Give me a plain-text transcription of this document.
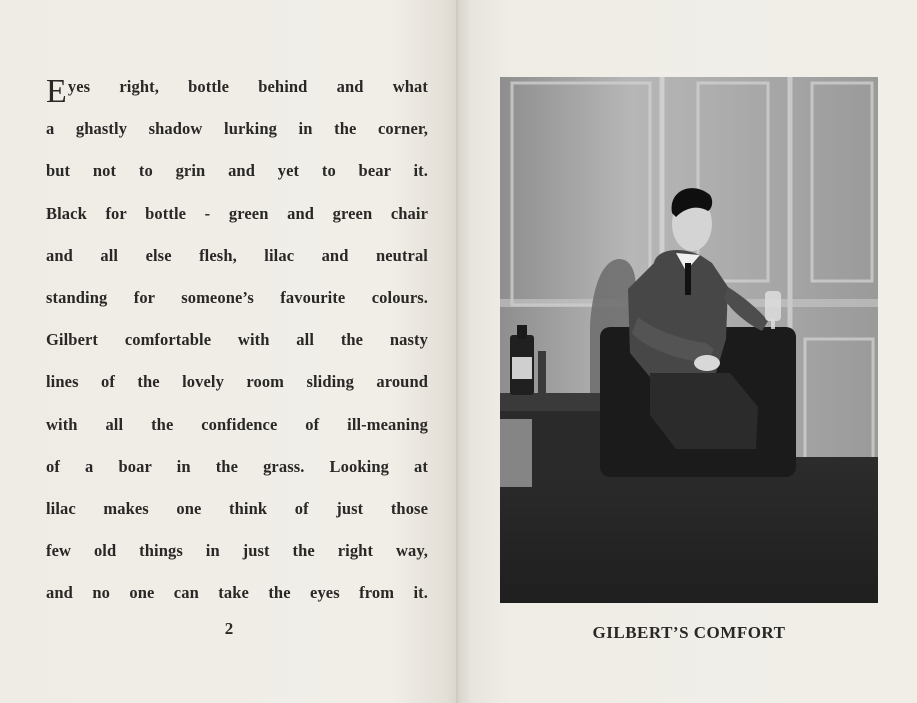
Eyes right, bottle behind and what
a ghastly shadow lurking in the corner,
but not to grin and yet to bear it.
Black for bottle - green and green chair
and all else flesh, lilac and neutral
standing for someone’s favourite colours.
Gilbert comfortable with all the nasty
lines of the lovely room sliding around
with all the confidence of ill-meaning
of a boar in the grass. Looking at
lilac makes one think of just those
few old things in just the right way,
and no one can take the eyes from it.
2	GILBERT’S COMFORT
